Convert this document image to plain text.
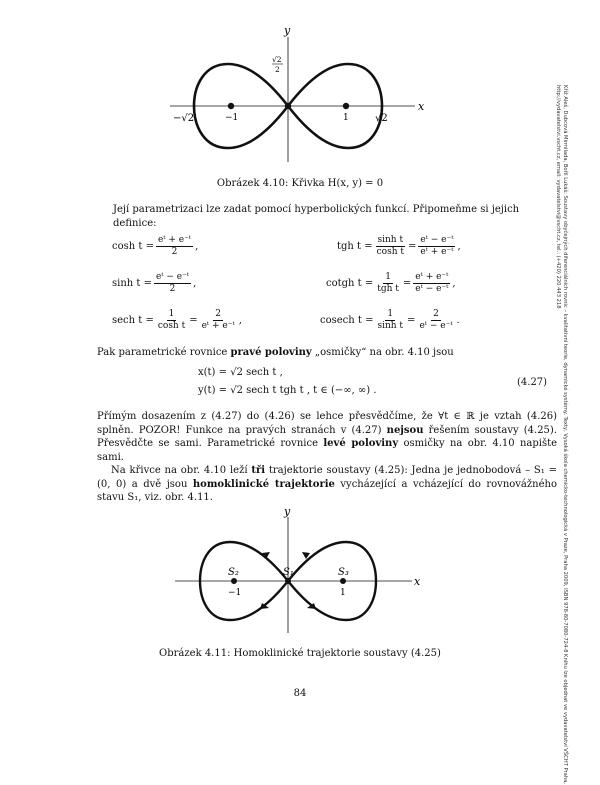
y
x
√2
2
−√2	−1	1	√2
Obrázek 4.10: Křivka H(x, y) = 0
Její parametrizaci lze zadat pomocí hyperbolických funkcí. Připomeňme si jejich definice:
$\cosh t = \frac{\text{eᵗ + e⁻ᵗ}}{2}$ ,	tgh $t = \frac{\text{sinh t}}{\text{cosh t}} = \frac{\text{eᵗ − e⁻ᵗ}}{\text{eᵗ + e⁻ᵗ}}$ ,
$\sinh t = \frac{\text{eᵗ − e⁻ᵗ}}{2}$ ,	cotgh $t = \frac{1}{\text{tgh t}} = \frac{\text{eᵗ + e⁻ᵗ}}{\text{eᵗ − e⁻ᵗ}}$ ,
sech $t = \frac{1}{\text{cosh t}} = \frac{2}{\text{eᵗ + e⁻ᵗ}}$ ,	cosech $t = \frac{1}{\text{sinh t}} = \frac{2}{\text{eᵗ − e⁻ᵗ}}$ .
Pak parametrické rovnice pravé poloviny „osmičky“ na obr. 4.10 jsou
x(t) = √2 sech t ,
y(t) = √2 sech t tgh t , t ∈ (−∞, ∞) .
(4.27)
Přímým dosazením z (4.27) do (4.26) se lehce přesvědčíme, že ∀t ∈ ℝ je vztah (4.26) splněn. POZOR! Funkce na pravých stranách v (4.27) nejsou řešením soustavy (4.25). Přesvědčte se sami. Parametrické rovnice levé poloviny osmičky na obr. 4.10 napište sami.
Na křivce na obr. 4.10 leží tři trajektorie soustavy (4.25): Jedna je jednobodová – S₁ = (0, 0) a dvě jsou homoklinické trajektorie vycházející a vcházející do rovnovážného stavu S₁, viz. obr. 4.11.
y
x
S₂	S₁	S₃
−1	1
Obrázek 4.11: Homoklinické trajektorie soustavy (4.25)
84	Kříž Aleš, Dubcová Mirmilada, Bořil Lukáš: Soustavy obyčejných diferenciálních rovnic – kvalitativní teorie, dynamické systémy. Texty, Vysoká škola chemicko-technologická v Praze, Praha 2009, ISBN 978-80-7080-724-8 Knihu lze objednat ve vydavatelství VŠCHT Praha, http://vydavatelstvi.vscht.cz, email: vydavatelstvi@vscht.cz, tel.: (+420) 220 443 218
